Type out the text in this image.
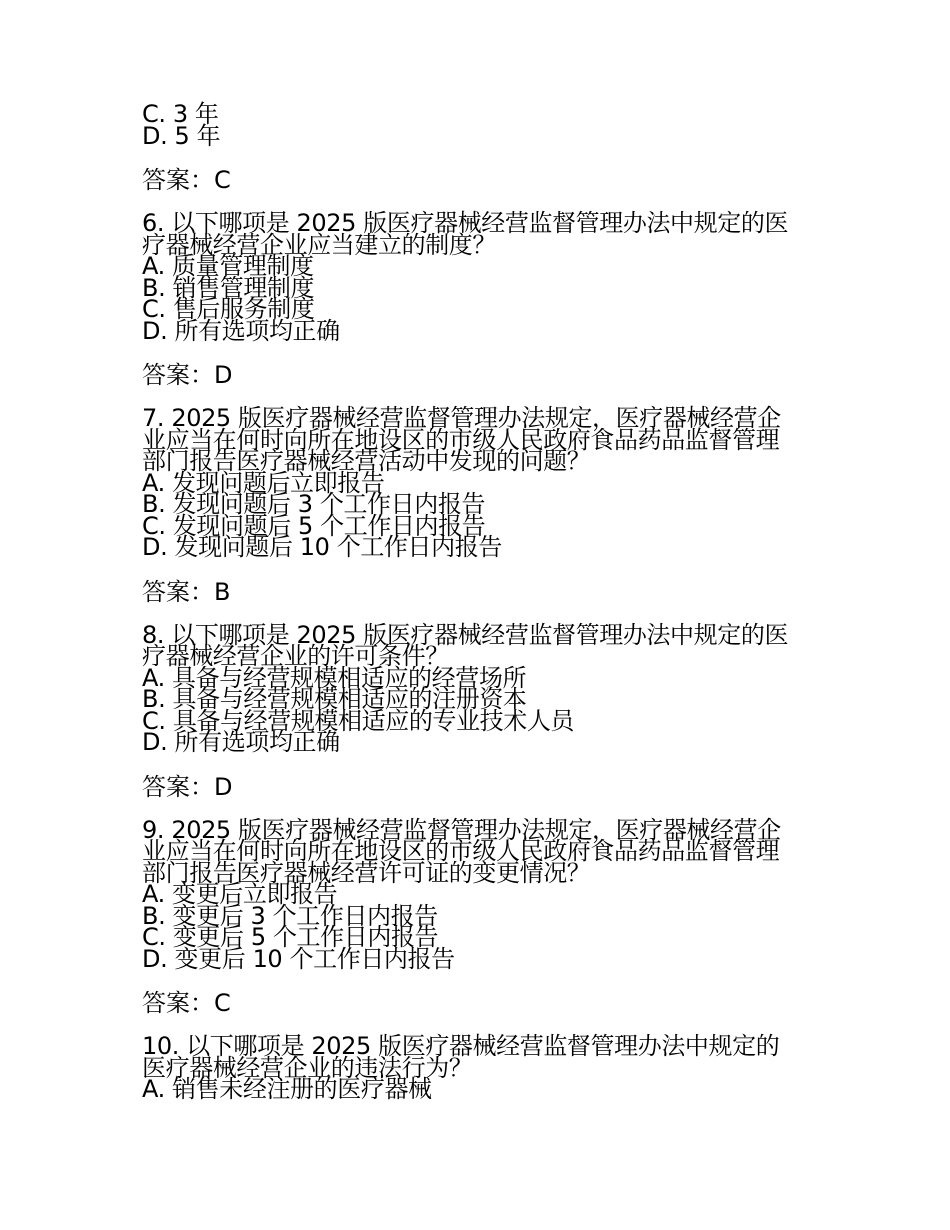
C. 3 年
D. 5 年
答案：C
6. 以下哪项是 2025 版医疗器械经营监督管理办法中规定的医
疗器械经营企业应当建立的制度？
A. 质量管理制度
B. 销售管理制度
C. 售后服务制度
D. 所有选项均正确
答案：D
7. 2025 版医疗器械经营监督管理办法规定，医疗器械经营企
业应当在何时向所在地设区的市级人民政府食品药品监督管理
部门报告医疗器械经营活动中发现的问题？
A. 发现问题后立即报告
B. 发现问题后 3 个工作日内报告
C. 发现问题后 5 个工作日内报告
D. 发现问题后 10 个工作日内报告
答案：B
8. 以下哪项是 2025 版医疗器械经营监督管理办法中规定的医
疗器械经营企业的许可条件？
A. 具备与经营规模相适应的经营场所
B. 具备与经营规模相适应的注册资本
C. 具备与经营规模相适应的专业技术人员
D. 所有选项均正确
答案：D
9. 2025 版医疗器械经营监督管理办法规定，医疗器械经营企
业应当在何时向所在地设区的市级人民政府食品药品监督管理
部门报告医疗器械经营许可证的变更情况？
A. 变更后立即报告
B. 变更后 3 个工作日内报告
C. 变更后 5 个工作日内报告
D. 变更后 10 个工作日内报告
答案：C
10. 以下哪项是 2025 版医疗器械经营监督管理办法中规定的
医疗器械经营企业的违法行为？
A. 销售未经注册的医疗器械
